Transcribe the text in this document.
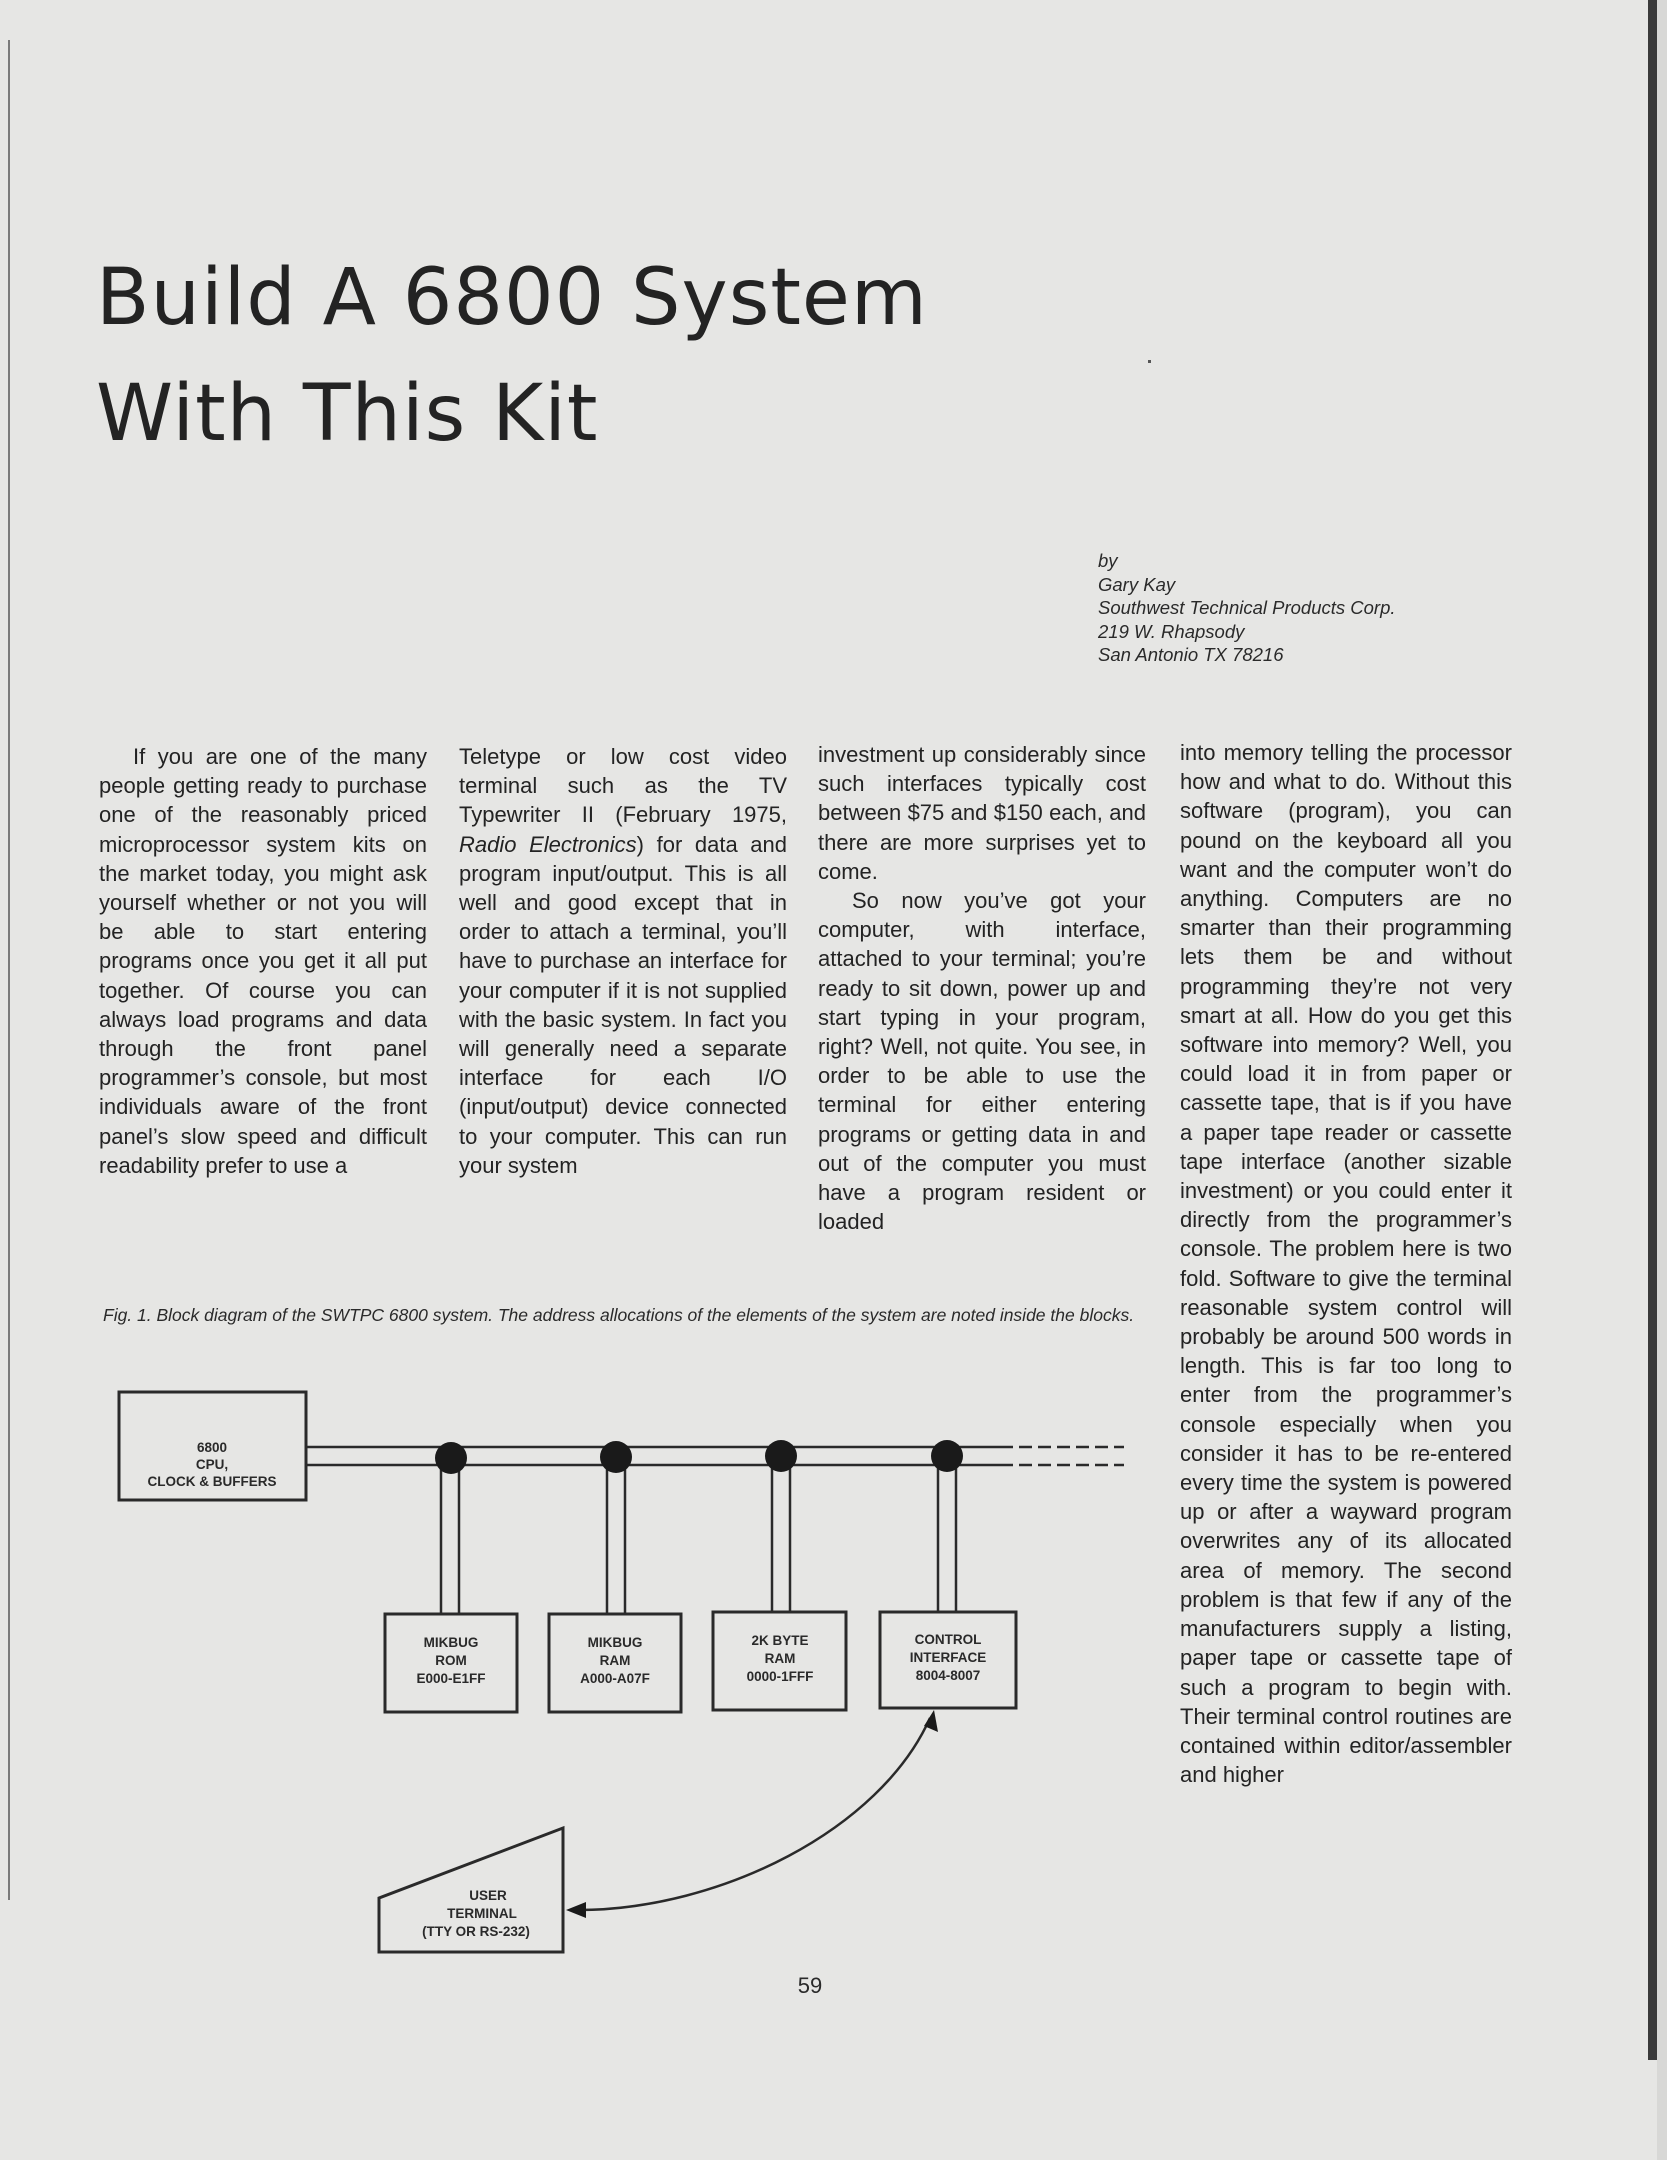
Build A 6800 System
With This Kit
by
Gary Kay
Southwest Technical Products Corp.
219 W. Rhapsody
San Antonio TX 78216

If you are one of the many people getting ready to purchase one of the reasonably priced microprocessor system kits on the market today, you might ask yourself whether or not you will be able to start entering programs once you get it all put together. Of course you can always load programs and data through the front panel programmer’s console, but most individuals aware of the front panel’s slow speed and difficult readability prefer to use a

Teletype or low cost video terminal such as the TV Typewriter II (February 1975, Radio Electronics) for data and program input/output. This is all well and good except that in order to attach a terminal, you’ll have to purchase an interface for your computer if it is not supplied with the basic system. In fact you will generally need a separate interface for each I/O (input/output) device connected to your computer. This can run your system

investment up considerably since such interfaces typically cost between $75 and $150 each, and there are more surprises yet to come.

So now you’ve got your computer, with interface, attached to your terminal; you’re ready to sit down, power up and start typing in your program, right? Well, not quite. You see, in order to be able to use the terminal for either entering programs or getting data in and out of the computer you must have a program resident or loaded

into memory telling the processor how and what to do. Without this software (program), you can pound on the keyboard all you want and the computer won’t do anything. Computers are no smarter than their programming lets them be and without programming they’re not very smart at all. How do you get this software into memory? Well, you could load it in from paper or cassette tape, that is if you have a paper tape reader or cassette tape interface (another sizable investment) or you could enter it directly from the programmer’s console. The problem here is two fold. Software to give the terminal reasonable system control will probably be around 500 words in length. This is far too long to enter from the programmer’s console especially when you consider it has to be re-entered every time the system is powered up or after a wayward program overwrites any of its allocated area of memory. The second problem is that few if any of the manufacturers supply a listing, paper tape or cassette tape of such a program to begin with. Their terminal control routines are contained within editor/assembler and higher

Fig. 1. Block diagram of the SWTPC 6800 system. The address allocations of the elements of the system are noted inside the blocks.
6800
CPU,
CLOCK & BUFFERS
MIKBUG
ROM
E000-E1FF
MIKBUG
RAM
A000-A07F
2K BYTE
RAM
0000-1FFF
CONTROL
INTERFACE
8004-8007
USER
TERMINAL
(TTY OR RS-232)
59
